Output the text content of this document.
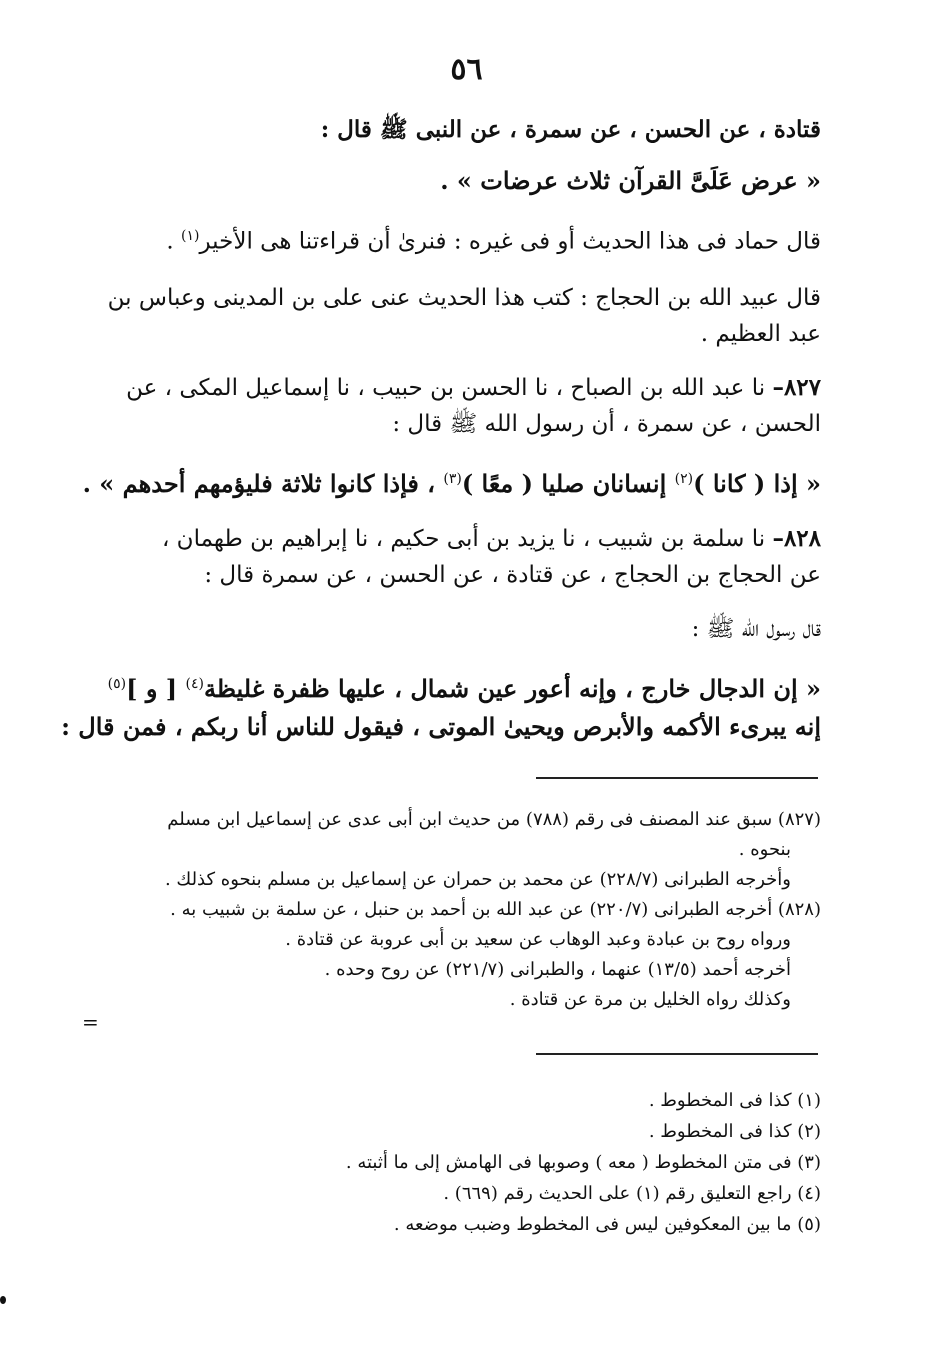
٥٦
قتادة ، عن الحسن ، عن سمرة ، عن النبى ﷺ قال :
« عرض عَلَىَّ القرآن ثلاث عرضات » .
قال حماد فى هذا الحديث أو فى غيره : فنرىٰ أن قراءتنا هى الأخير$^{(١)}$ .
قال عبيد الله بن الحجاج : كتب هذا الحديث عنى على بن المدينى وعباس بن
عبد العظيم .
٨٢٧– نا عبد الله بن الصباح ، نا الحسن بن حبيب ، نا إسماعيل المكى ، عن
الحسن ، عن سمرة ، أن رسول الله ﷺ قال :
« إذا ( كانا )$^{(٢)}$ إنسانان صليا ( معًا )$^{(٣)}$ ، فإذا كانوا ثلاثة فليؤمهم أحدهم » .
٨٢٨– نا سلمة بن شبيب ، نا يزيد بن أبى حكيم ، نا إبراهيم بن طهمان ،
عن الحجاج بن الحجاج ، عن قتادة ، عن الحسن ، عن سمرة قال :
قال رسول الله ﷺ :
« إن الدجال خارج ، وإنه أعور عين شمال ، عليها ظفرة غليظة$^{(٤)}$ [ و ]$^{(٥)}$
إنه يبرىء الأكمه والأبرص ويحيىٰ الموتى ، فيقول للناس أنا ربكم ، فمن قال :
(٨٢٧) سبق عند المصنف فى رقم (٧٨٨) من حديث ابن أبى عدى عن إسماعيل ابن مسلم
بنحوه .
وأخرجه الطبرانى (٢٢٨/٧) عن محمد بن حمران عن إسماعيل بن مسلم بنحوه كذلك .
(٨٢٨) أخرجه الطبرانى (٢٢٠/٧) عن عبد الله بن أحمد بن حنبل ، عن سلمة بن شبيب به .
ورواه روح بن عبادة وعبد الوهاب عن سعيد بن أبى عروبة عن قتادة .
أخرجه أحمد (١٣/٥) عنهما ، والطبرانى (٢٢١/٧) عن روح وحده .
وكذلك رواه الخليل بن مرة عن قتادة .
=
(١) كذا فى المخطوط .
(٢) كذا فى المخطوط .
(٣) فى متن المخطوط ( معه ) وصوبها فى الهامش إلى ما أثبته .
(٤) راجع التعليق رقم (١) على الحديث رقم (٦٦٩) .
(٥) ما بين المعكوفين ليس فى المخطوط وضبب موضعه .
